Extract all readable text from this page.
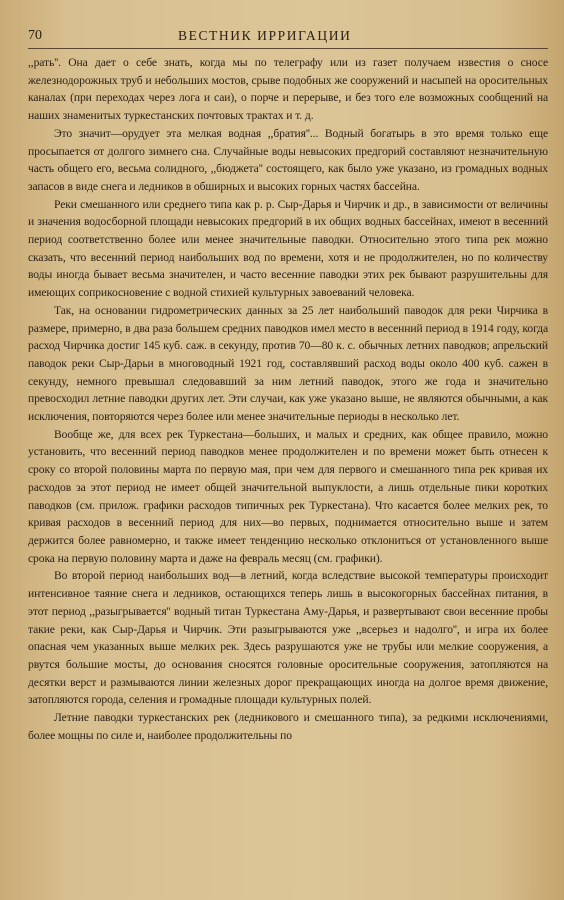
70	ВЕСТНИК ИРРИГАЦИИ

,,рать''. Она дает о себе знать, когда мы по телеграфу или из газет получаем известия о сносе железнодорожных труб и небольших мостов, срыве подобных же сооружений и насыпей на оросительных каналах (при переходах через лога и саи), о порче и перерыве, и без того еле возможных сообщений на наших знаменитых туркестанских почтовых трактах и т. д.

Это значит—орудует эта мелкая водная ,,братия''... Водный богатырь в это время только еще просыпается от долгого зимнего сна. Случайные воды невысоких предгорий составляют незначительную часть общего его, весьма солидного, ,,бюджета'' состоящего, как было уже указано, из громадных водных запасов в виде снега и ледников в обширных и высоких горных частях бассейна.

Реки смешанного или среднего типа как р. р. Сыр-Дарья и Чирчик и др., в зависимости от величины и значения водосборной площади невысоких предгорий в их общих водных бассейнах, имеют в весенний период соответственно более или менее значительные паводки. Относительно этого типа рек можно сказать, что весенний период наибольших вод по времени, хотя и не продолжителен, но по количеству воды иногда бывает весьма значителен, и часто весенние паводки этих рек бывают разрушительны для имеющих соприкосновение с водной стихией культурных завоеваний человека.

Так, на основании гидрометрических данных за 25 лет наибольший паводок для реки Чирчика в размере, примерно, в два раза большем средних паводков имел место в весенний период в 1914 году, когда расход Чирчика достиг 145 куб. саж. в секунду, против 70—80 к. с. обычных летних паводков; апрельский паводок реки Сыр-Дарьи в многоводный 1921 год, составлявший расход воды около 400 куб. сажен в секунду, немного превышал следовавший за ним летний паводок, этого же года и значительно превосходил летние паводки других лет. Эти случаи, как уже указано выше, не являются обычными, а как исключения, повторяются через более или менее значительные периоды в несколько лет.

Вообще же, для всех рек Туркестана—больших, и малых и средних, как общее правило, можно установить, что весенний период паводков менее продолжителен и по времени может быть отнесен к сроку со второй половины марта по первую мая, при чем для первого и смешанного типа рек кривая их расходов за этот период не имеет общей значительной выпуклости, а лишь отдельные пики коротких паводков (см. прилож. графики расходов типичных рек Туркестана). Что касается более мелких рек, то кривая расходов в весенний период для них—во первых, поднимается относительно выше и затем держится более равномерно, и также имеет тенденцию несколько отклониться от установленного выше срока на первую половину марта и даже на февраль месяц (см. графики).

Во второй период наибольших вод—в летний, когда вследствие высокой температуры происходит интенсивное таяние снега и ледников, остающихся теперь лишь в высокогорных бассейнах питания, в этот период ,,разыгрывается'' водный титан Туркестана Аму-Дарья, и развертывают свои весенние пробы такие реки, как Сыр-Дарья и Чирчик. Эти разыгрываются уже ,,всерьез и надолго'', и игра их более опасная чем указанных выше мелких рек. Здесь разрушаются уже не трубы или мелкие сооружения, а рвутся большие мосты, до основания сносятся головные оросительные сооружения, затопляются на десятки верст и размываются линии железных дорог прекращающих иногда на долгое время движение, затопляются города, селения и громадные площади культурных полей.

Летние паводки туркестанских рек (ледникового и смешанного типа), за редкими исключениями, более мощны по силе и, наиболее продолжительны по
